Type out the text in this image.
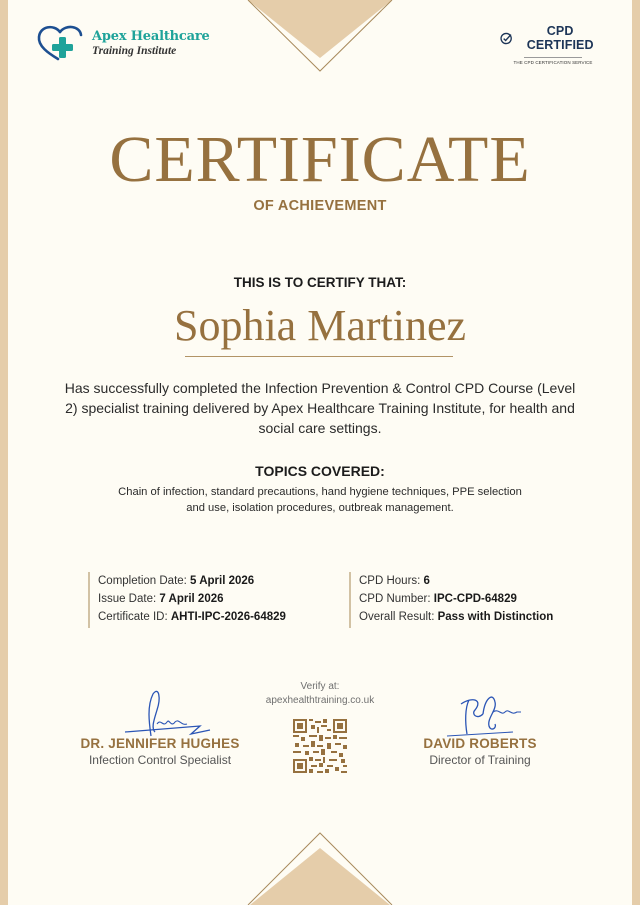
Apex Healthcare
Training Institute
CPD CERTIFIED
THE CPD CERTIFICATION SERVICE
CERTIFICATE
OF ACHIEVEMENT
THIS IS TO CERTIFY THAT:
Sophia Martinez
Has successfully completed the Infection Prevention & Control CPD Course (Level 2) specialist training delivered by Apex Healthcare Training Institute, for health and social care settings.
TOPICS COVERED:
Chain of infection, standard precautions, hand hygiene techniques, PPE selection and use, isolation procedures, outbreak management.
Completion Date: 5 April 2026
Issue Date: 7 April 2026
Certificate ID: AHTI-IPC-2026-64829
CPD Hours: 6
CPD Number: IPC-CPD-64829
Overall Result: Pass with Distinction
DR. JENNIFER HUGHES
Infection Control Specialist
Verify at:
apexhealthtraining.co.uk
DAVID ROBERTS
Director of Training
